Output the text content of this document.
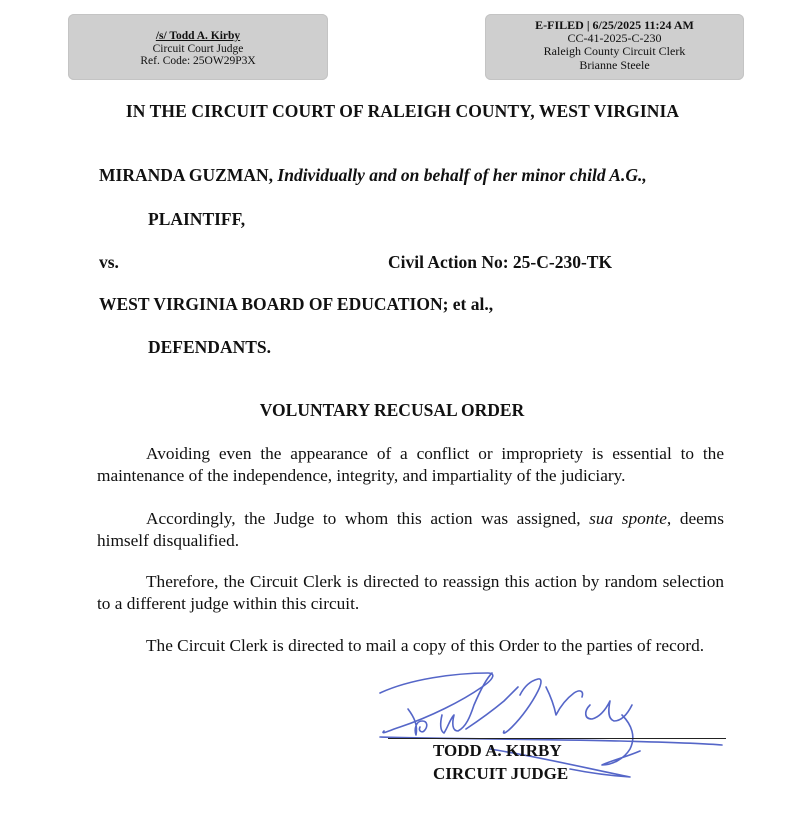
/s/ Todd A. Kirby
Circuit Court Judge
Ref. Code: 25OW29P3X
E-FILED | 6/25/2025 11:24 AM
CC-41-2025-C-230
Raleigh County Circuit Clerk
Brianne Steele
IN THE CIRCUIT COURT OF RALEIGH COUNTY, WEST VIRGINIA
MIRANDA GUZMAN, Individually and on behalf of her minor child A.G.,
PLAINTIFF,
vs.	Civil Action No: 25-C-230-TK
WEST VIRGINIA BOARD OF EDUCATION; et al.,
DEFENDANTS.
VOLUNTARY RECUSAL ORDER
Avoiding even the appearance of a conflict or impropriety is essential to the maintenance of the independence, integrity, and impartiality of the judiciary.
Accordingly, the Judge to whom this action was assigned, sua sponte, deems himself disqualified.
Therefore, the Circuit Clerk is directed to reassign this action by random selection to a different judge within this circuit.
The Circuit Clerk is directed to mail a copy of this Order to the parties of record.
TODD A. KIRBY
CIRCUIT JUDGE
